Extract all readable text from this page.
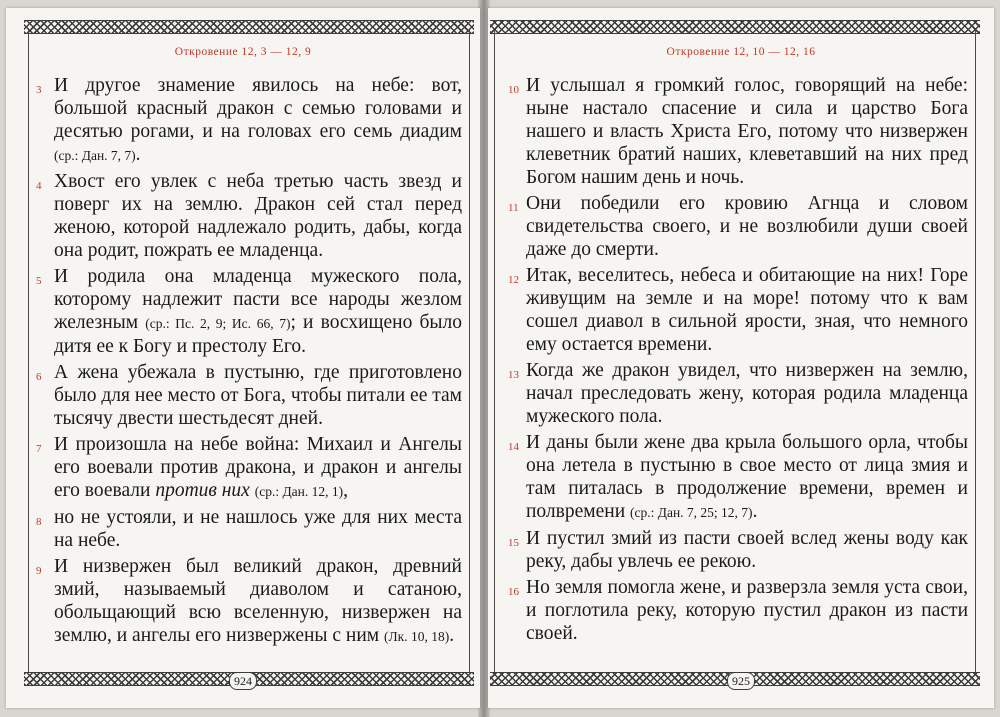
Откровение 12, 3 — 12, 9

3 И другое знамение явилось на небе: вот, большой красный дракон с семью головами и десятью рогами, и на головах его семь диадим (ср.: Дан. 7, 7).

4 Хвост его увлек с неба третью часть звезд и поверг их на землю. Дракон сей стал перед женою, которой надлежало родить, дабы, когда она родит, пожрать ее младенца.

5 И родила она младенца мужеского пола, которому надлежит пасти все народы жезлом железным (ср.: Пс. 2, 9; Ис. 66, 7); и восхищено было дитя ее к Богу и престолу Его.

6 А жена убежала в пустыню, где приготовлено было для нее место от Бога, чтобы питали ее там тысячу двести шестьдесят дней.

7 И произошла на небе война: Михаил и Ангелы его воевали против дракона, и дракон и ангелы его воевали против них (ср.: Дан. 12, 1),

8 но не устояли, и не нашлось уже для них места на небе.

9 И низвержен был великий дракон, древний змий, называемый диаволом и сатаною, обольщающий всю вселенную, низвержен на землю, и ангелы его низвержены с ним (Лк. 10, 18).

924
Откровение 12, 10 — 12, 16

10 И услышал я громкий голос, говорящий на небе: ныне настало спасение и сила и царство Бога нашего и власть Христа Его, потому что низвержен клеветник братий наших, клеветавший на них пред Богом нашим день и ночь.

11 Они победили его кровию Агнца и словом свидетельства своего, и не возлюбили души своей даже до смерти.

12 Итак, веселитесь, небеса и обитающие на них! Горе живущим на земле и на море! потому что к вам сошел диавол в сильной ярости, зная, что немного ему остается времени.

13 Когда же дракон увидел, что низвержен на землю, начал преследовать жену, которая родила младенца мужеского пола.

14 И даны были жене два крыла большого орла, чтобы она летела в пустыню в свое место от лица змия и там питалась в продолжение времени, времен и полвремени (ср.: Дан. 7, 25; 12, 7).

15 И пустил змий из пасти своей вслед жены воду как реку, дабы увлечь ее рекою.

16 Но земля помогла жене, и разверзла земля уста свои, и поглотила реку, которую пустил дракон из пасти своей.

925
